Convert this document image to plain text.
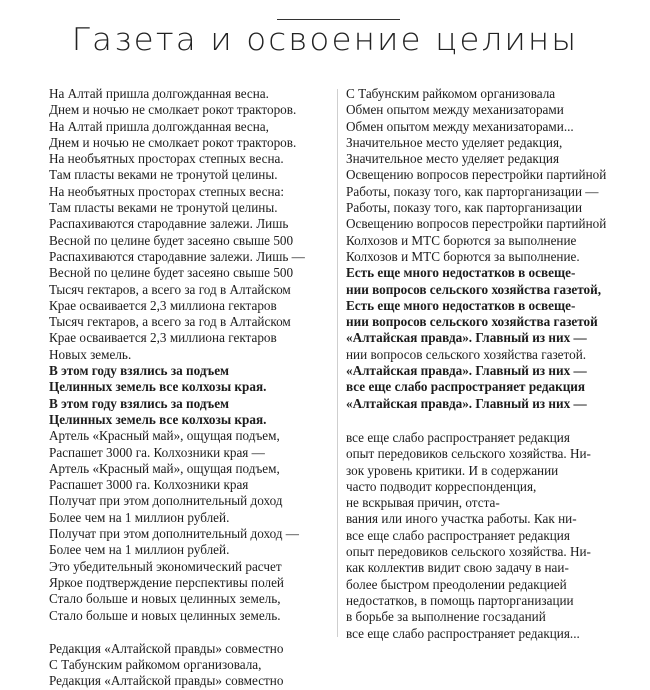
Газета и освоение целины
На Алтай пришла долгожданная весна.
Днем и ночью не смолкает рокот тракторов.
На Алтай пришла долгожданная весна,
Днем и ночью не смолкает рокот тракторов.
На необъятных просторах степных весна.
Там пласты веками не тронутой целины.
На необъятных просторах степных весна:
Там пласты веками не тронутой целины.
Распахиваются стародавние залежи. Лишь
Весной по целине будет засеяно свыше 500
Распахиваются стародавние залежи. Лишь —
Весной по целине будет засеяно свыше 500
Тысяч гектаров, а всего за год в Алтайском
Крае осваивается 2,3 миллиона гектаров
Тысяч гектаров, а всего за год в Алтайском
Крае осваивается 2,3 миллиона гектаров
Новых земель.
В этом году взялись за подъем
Целинных земель все колхозы края.
В этом году взялись за подъем
Целинных земель все колхозы края.
Артель «Красный май», ощущая подъем,
Распашет 3000 га. Колхозники края —
Артель «Красный май», ощущая подъем,
Распашет 3000 га. Колхозники края
Получат при этом дополнительный доход
Более чем на 1 миллион рублей.
Получат при этом дополнительный доход —
Более чем на 1 миллион рублей.
Это убедительный экономический расчет
Яркое подтверждение перспективы полей
Стало больше и новых целинных земель,
Стало больше и новых целинных земель.
Редакция «Алтайской правды» совместно
С Табунским райкомом организовала,
Редакция «Алтайской правды» совместно
С Табунским райкомом организовала
Обмен опытом между механизаторами
Обмен опытом между механизаторами...
Значительное место уделяет редакция,
Значительное место уделяет редакция
Освещению вопросов перестройки партийной
Работы, показу того, как парторганизации —
Работы, показу того, как парторганизации
Освещению вопросов перестройки партийной
Колхозов и МТС борются за выполнение
Колхозов и МТС борются за выполнение.
Есть еще много недостатков в освеще-
нии вопросов сельского хозяйства газетой,
Есть еще много недостатков в освеще-
нии вопросов сельского хозяйства газетой
«Алтайская правда». Главный из них —
нии вопросов сельского хозяйства газетой.
«Алтайская правда». Главный из них —
все еще слабо распространяет редакция
«Алтайская правда». Главный из них —
все еще слабо распространяет редакция
опыт передовиков сельского хозяйства. Ни-
зок уровень критики. И в содержании
часто подводит корреспонденция,
не вскрывая причин, отста-
вания или иного участка работы. Как ни-
все еще слабо распространяет редакция
опыт передовиков сельского хозяйства. Ни-
как коллектив видит свою задачу в наи-
более быстром преодолении редакцией
недостатков, в помощь парторганизации
в борьбе за выполнение госзаданий
все еще слабо распространяет редакция...
